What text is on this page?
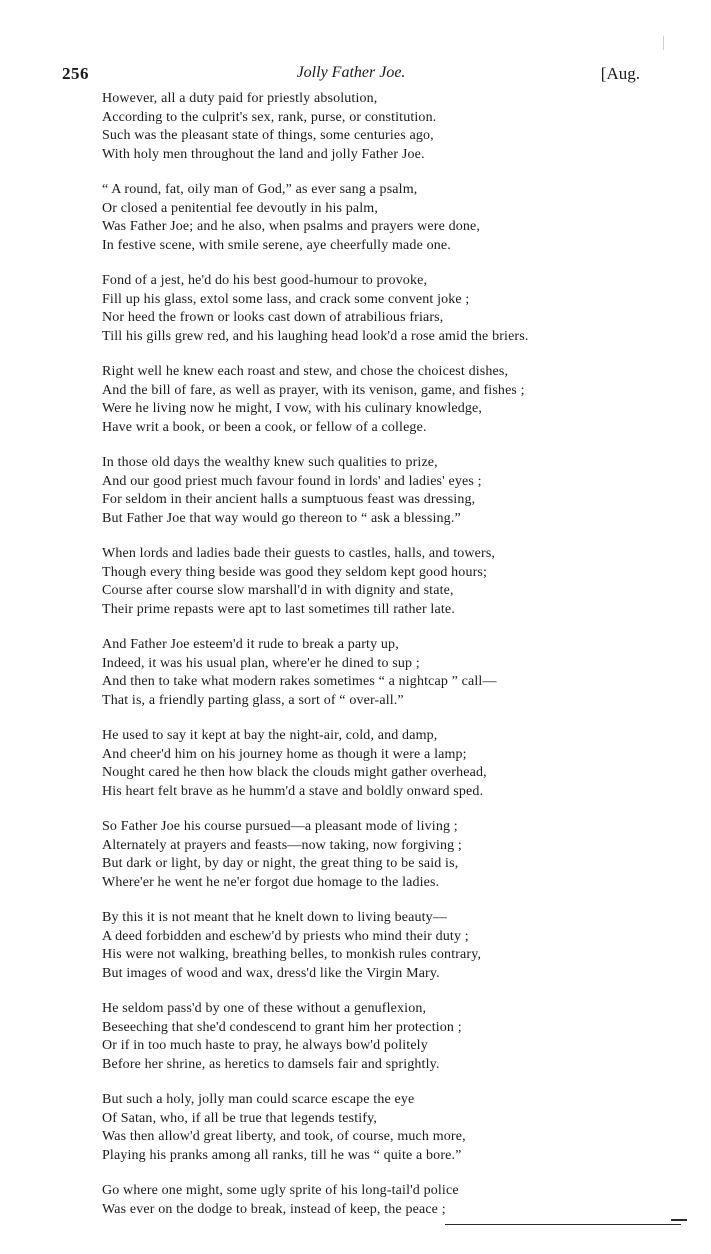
256	Jolly Father Joe.	[Aug.
However, all a duty paid for priestly absolution,
According to the culprit's sex, rank, purse, or constitution.
Such was the pleasant state of things, some centuries ago,
With holy men throughout the land and jolly Father Joe.
“ A round, fat, oily man of God,” as ever sang a psalm,
Or closed a penitential fee devoutly in his palm,
Was Father Joe; and he also, when psalms and prayers were done,
In festive scene, with smile serene, aye cheerfully made one.
Fond of a jest, he'd do his best good-humour to provoke,
Fill up his glass, extol some lass, and crack some convent joke ;
Nor heed the frown or looks cast down of atrabilious friars,
Till his gills grew red, and his laughing head look'd a rose amid the briers.
Right well he knew each roast and stew, and chose the choicest dishes,
And the bill of fare, as well as prayer, with its venison, game, and fishes ;
Were he living now he might, I vow, with his culinary knowledge,
Have writ a book, or been a cook, or fellow of a college.
In those old days the wealthy knew such qualities to prize,
And our good priest much favour found in lords' and ladies' eyes ;
For seldom in their ancient halls a sumptuous feast was dressing,
But Father Joe that way would go thereon to “ ask a blessing.”
When lords and ladies bade their guests to castles, halls, and towers,
Though every thing beside was good they seldom kept good hours;
Course after course slow marshall'd in with dignity and state,
Their prime repasts were apt to last sometimes till rather late.
And Father Joe esteem'd it rude to break a party up,
Indeed, it was his usual plan, where'er he dined to sup ;
And then to take what modern rakes sometimes “ a nightcap ” call—
That is, a friendly parting glass, a sort of “ over-all.”
He used to say it kept at bay the night-air, cold, and damp,
And cheer'd him on his journey home as though it were a lamp;
Nought cared he then how black the clouds might gather overhead,
His heart felt brave as he humm'd a stave and boldly onward sped.
So Father Joe his course pursued—a pleasant mode of living ;
Alternately at prayers and feasts—now taking, now forgiving ;
But dark or light, by day or night, the great thing to be said is,
Where'er he went he ne'er forgot due homage to the ladies.
By this it is not meant that he knelt down to living beauty—
A deed forbidden and eschew'd by priests who mind their duty ;
His were not walking, breathing belles, to monkish rules contrary,
But images of wood and wax, dress'd like the Virgin Mary.
He seldom pass'd by one of these without a genuflexion,
Beseeching that she'd condescend to grant him her protection ;
Or if in too much haste to pray, he always bow'd politely
Before her shrine, as heretics to damsels fair and sprightly.
But such a holy, jolly man could scarce escape the eye
Of Satan, who, if all be true that legends testify,
Was then allow'd great liberty, and took, of course, much more,
Playing his pranks among all ranks, till he was “ quite a bore.”
Go where one might, some ugly sprite of his long-tail'd police
Was ever on the dodge to break, instead of keep, the peace ;
